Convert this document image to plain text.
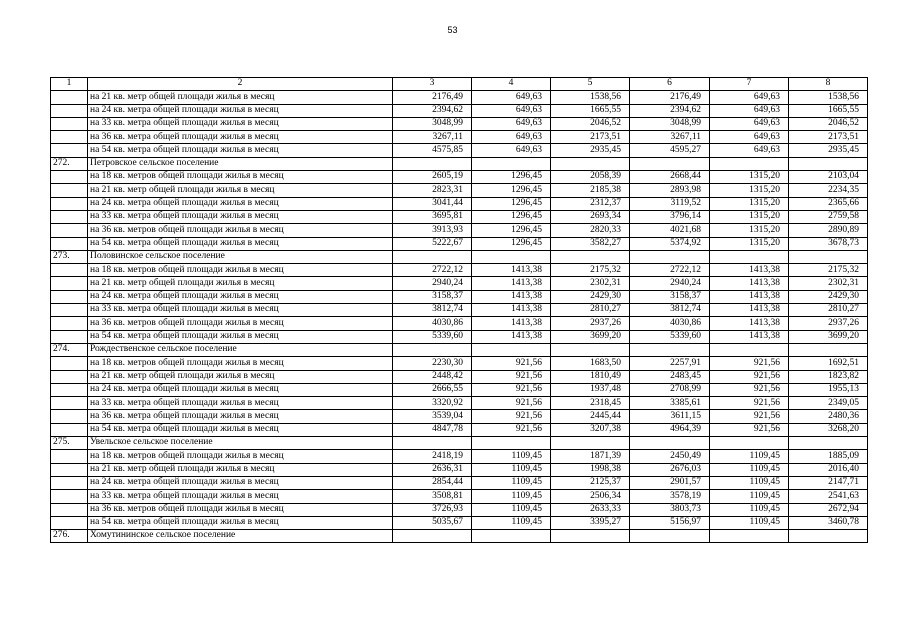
53
1	2	3	4	5	6	7	8
	на 21 кв. метр общей площади жилья в месяц	2176,49	649,63	1538,56	2176,49	649,63	1538,56
	на 24 кв. метра общей площади жилья в месяц	2394,62	649,63	1665,55	2394,62	649,63	1665,55
	на 33 кв. метра общей площади жилья в месяц	3048,99	649,63	2046,52	3048,99	649,63	2046,52
	на 36 кв. метра общей площади жилья в месяц	3267,11	649,63	2173,51	3267,11	649,63	2173,51
	на 54 кв. метра общей площади жилья в месяц	4575,85	649,63	2935,45	4595,27	649,63	2935,45
272.	Петровское сельское поселение						
	на 18 кв. метров общей площади жилья в месяц	2605,19	1296,45	2058,39	2668,44	1315,20	2103,04
	на 21 кв. метр общей площади жилья в месяц	2823,31	1296,45	2185,38	2893,98	1315,20	2234,35
	на 24 кв. метра общей площади жилья в месяц	3041,44	1296,45	2312,37	3119,52	1315,20	2365,66
	на 33 кв. метра общей площади жилья в месяц	3695,81	1296,45	2693,34	3796,14	1315,20	2759,58
	на 36 кв. метров общей площади жилья в месяц	3913,93	1296,45	2820,33	4021,68	1315,20	2890,89
	на 54 кв. метра общей площади жилья в месяц	5222,67	1296,45	3582,27	5374,92	1315,20	3678,73
273.	Половинское сельское поселение						
	на 18 кв. метров общей площади жилья в месяц	2722,12	1413,38	2175,32	2722,12	1413,38	2175,32
	на 21 кв. метр общей площади жилья в месяц	2940,24	1413,38	2302,31	2940,24	1413,38	2302,31
	на 24 кв. метра общей площади жилья в месяц	3158,37	1413,38	2429,30	3158,37	1413,38	2429,30
	на 33 кв. метра общей площади жилья в месяц	3812,74	1413,38	2810,27	3812,74	1413,38	2810,27
	на 36 кв. метров общей площади жилья в месяц	4030,86	1413,38	2937,26	4030,86	1413,38	2937,26
	на 54 кв. метра общей площади жилья в месяц	5339,60	1413,38	3699,20	5339,60	1413,38	3699,20
274.	Рождественское сельское поселение						
	на 18 кв. метров общей площади жилья в месяц	2230,30	921,56	1683,50	2257,91	921,56	1692,51
	на 21 кв. метр общей площади жилья в месяц	2448,42	921,56	1810,49	2483,45	921,56	1823,82
	на 24 кв. метра общей площади жилья в месяц	2666,55	921,56	1937,48	2708,99	921,56	1955,13
	на 33 кв. метра общей площади жилья в месяц	3320,92	921,56	2318,45	3385,61	921,56	2349,05
	на 36 кв. метра общей площади жилья в месяц	3539,04	921,56	2445,44	3611,15	921,56	2480,36
	на 54 кв. метра общей площади жилья в месяц	4847,78	921,56	3207,38	4964,39	921,56	3268,20
275.	Увельское сельское поселение						
	на 18 кв. метров общей площади жилья в месяц	2418,19	1109,45	1871,39	2450,49	1109,45	1885,09
	на 21 кв. метр общей площади жилья в месяц	2636,31	1109,45	1998,38	2676,03	1109,45	2016,40
	на 24 кв. метра общей площади жилья в месяц	2854,44	1109,45	2125,37	2901,57	1109,45	2147,71
	на 33 кв. метра общей площади жилья в месяц	3508,81	1109,45	2506,34	3578,19	1109,45	2541,63
	на 36 кв. метров общей площади жилья в месяц	3726,93	1109,45	2633,33	3803,73	1109,45	2672,94
	на 54 кв. метра общей площади жилья в месяц	5035,67	1109,45	3395,27	5156,97	1109,45	3460,78
276.	Хомутининское сельское поселение						
